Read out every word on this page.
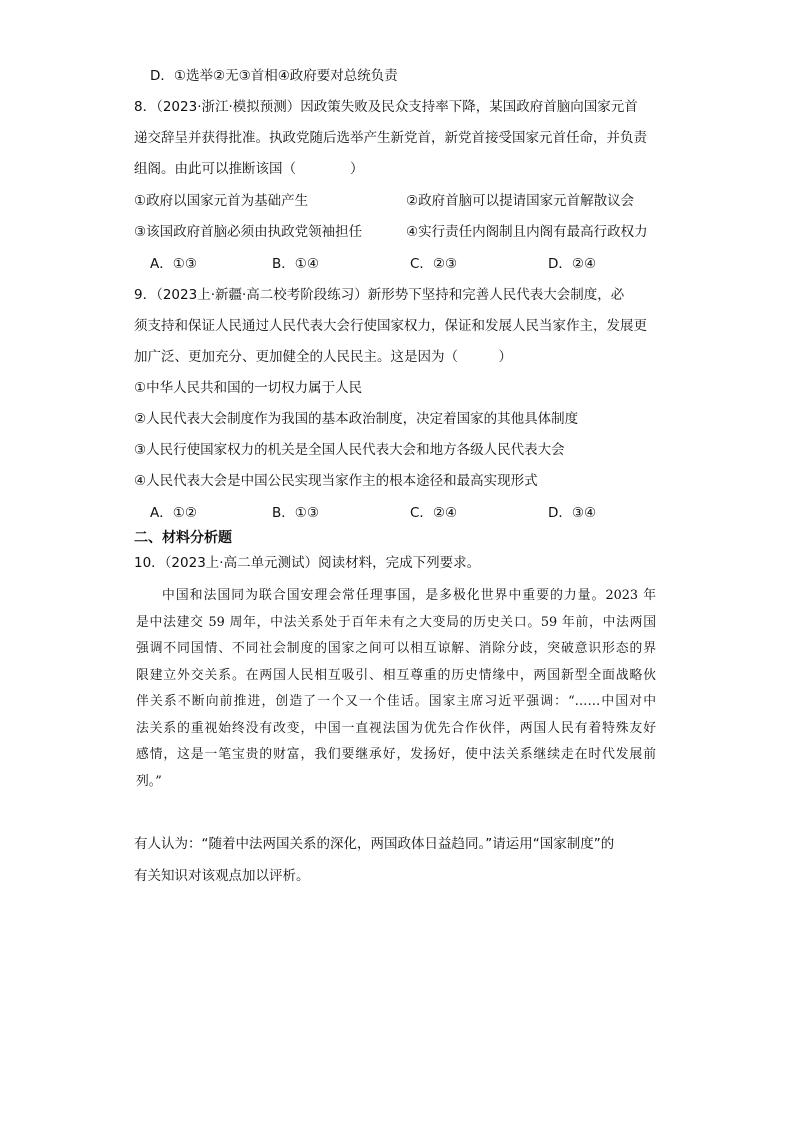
D．①选举②无③首相④政府要对总统负责
8．（2023·浙江·模拟预测）因政策失败及民众支持率下降，某国政府首脑向国家元首
递交辞呈并获得批准。执政党随后选举产生新党首，新党首接受国家元首任命，并负责
组阁。由此可以推断该国（　　　　）
①政府以国家元首为基础产生	②政府首脑可以提请国家元首解散议会
③该国政府首脑必须由执政党领袖担任	④实行责任内阁制且内阁有最高行政权力
A．①③	B．①④	C．②③	D．②④
9．（2023上·新疆·高二校考阶段练习）新形势下坚持和完善人民代表大会制度，必
须支持和保证人民通过人民代表大会行使国家权力，保证和发展人民当家作主，发展更
加广泛、更加充分、更加健全的人民民主。这是因为（　　　）
①中华人民共和国的一切权力属于人民
②人民代表大会制度作为我国的基本政治制度，决定着国家的其他具体制度
③人民行使国家权力的机关是全国人民代表大会和地方各级人民代表大会
④人民代表大会是中国公民实现当家作主的根本途径和最高实现形式
A．①②	B．①③	C．②④	D．③④
二、材料分析题
10．（2023上·高二单元测试）阅读材料，完成下列要求。
中国和法国同为联合国安理会常任理事国，是多极化世界中重要的力量。2023 年
是中法建交 59 周年，中法关系处于百年未有之大变局的历史关口。59 年前，中法两国
强调不同国情、不同社会制度的国家之间可以相互谅解、消除分歧，突破意识形态的界
限建立外交关系。在两国人民相互吸引、相互尊重的历史情缘中，两国新型全面战略伙
伴关系不断向前推进，创造了一个又一个佳话。国家主席习近平强调：“……中国对中
法关系的重视始终没有改变，中国一直视法国为优先合作伙伴，两国人民有着特殊友好
感情，这是一笔宝贵的财富，我们要继承好，发扬好，使中法关系继续走在时代发展前
列。”
有人认为：“随着中法两国关系的深化，两国政体日益趋同。”请运用“国家制度”的
有关知识对该观点加以评析。
